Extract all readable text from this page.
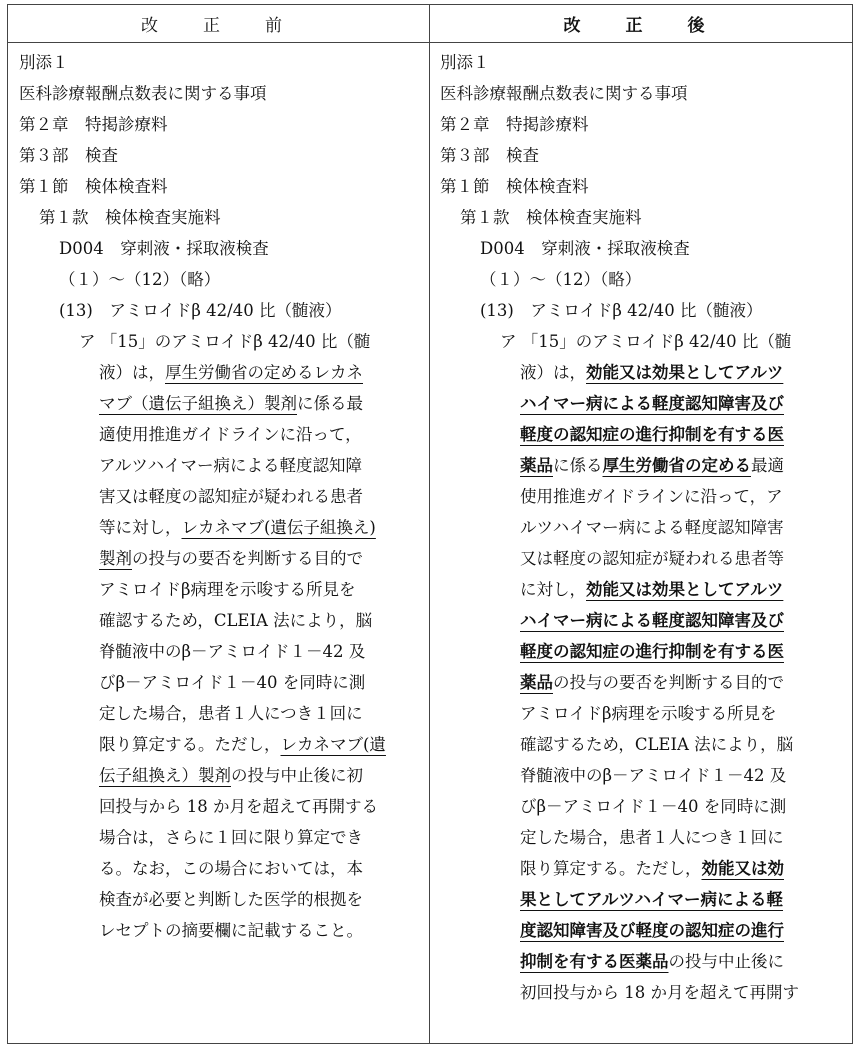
改　正　前	改　正　後
別添１
医科診療報酬点数表に関する事項
第２章　特掲診療料
第３部　検査
第１節　検体検査料
第１款　検体検査実施料
D004　穿刺液・採取液検査
（１）～（12）（略）
(13)　アミロイドβ 42/40 比（髄液）
ア 「15」のアミロイドβ 42/40 比（髄
液）は，厚生労働省の定めるレカネ
マブ（遺伝子組換え）製剤に係る最
適使用推進ガイドラインに沿って，
アルツハイマー病による軽度認知障
害又は軽度の認知症が疑われる患者
等に対し，レカネマブ(遺伝子組換え)
製剤の投与の要否を判断する目的で
アミロイドβ病理を示唆する所見を
確認するため，CLEIA 法により，脳
脊髄液中のβ－アミロイド１－42 及
びβ－アミロイド１－40 を同時に測
定した場合，患者１人につき１回に
限り算定する。ただし，レカネマブ(遺
伝子組換え）製剤の投与中止後に初
回投与から 18 か月を超えて再開する
場合は，さらに１回に限り算定でき
る。なお，この場合においては，本
検査が必要と判断した医学的根拠を
レセプトの摘要欄に記載すること。
別添１
医科診療報酬点数表に関する事項
第２章　特掲診療料
第３部　検査
第１節　検体検査料
第１款　検体検査実施料
D004　穿刺液・採取液検査
（１）～（12）（略）
(13)　アミロイドβ 42/40 比（髄液）
ア 「15」のアミロイドβ 42/40 比（髄
液）は，効能又は効果としてアルツ
ハイマー病による軽度認知障害及び
軽度の認知症の進行抑制を有する医
薬品に係る厚生労働省の定める最適
使用推進ガイドラインに沿って，ア
ルツハイマー病による軽度認知障害
又は軽度の認知症が疑われる患者等
に対し，効能又は効果としてアルツ
ハイマー病による軽度認知障害及び
軽度の認知症の進行抑制を有する医
薬品の投与の要否を判断する目的で
アミロイドβ病理を示唆する所見を
確認するため，CLEIA 法により，脳
脊髄液中のβ－アミロイド１－42 及
びβ－アミロイド１－40 を同時に測
定した場合，患者１人につき１回に
限り算定する。ただし，効能又は効
果としてアルツハイマー病による軽
度認知障害及び軽度の認知症の進行
抑制を有する医薬品の投与中止後に
初回投与から 18 か月を超えて再開す
